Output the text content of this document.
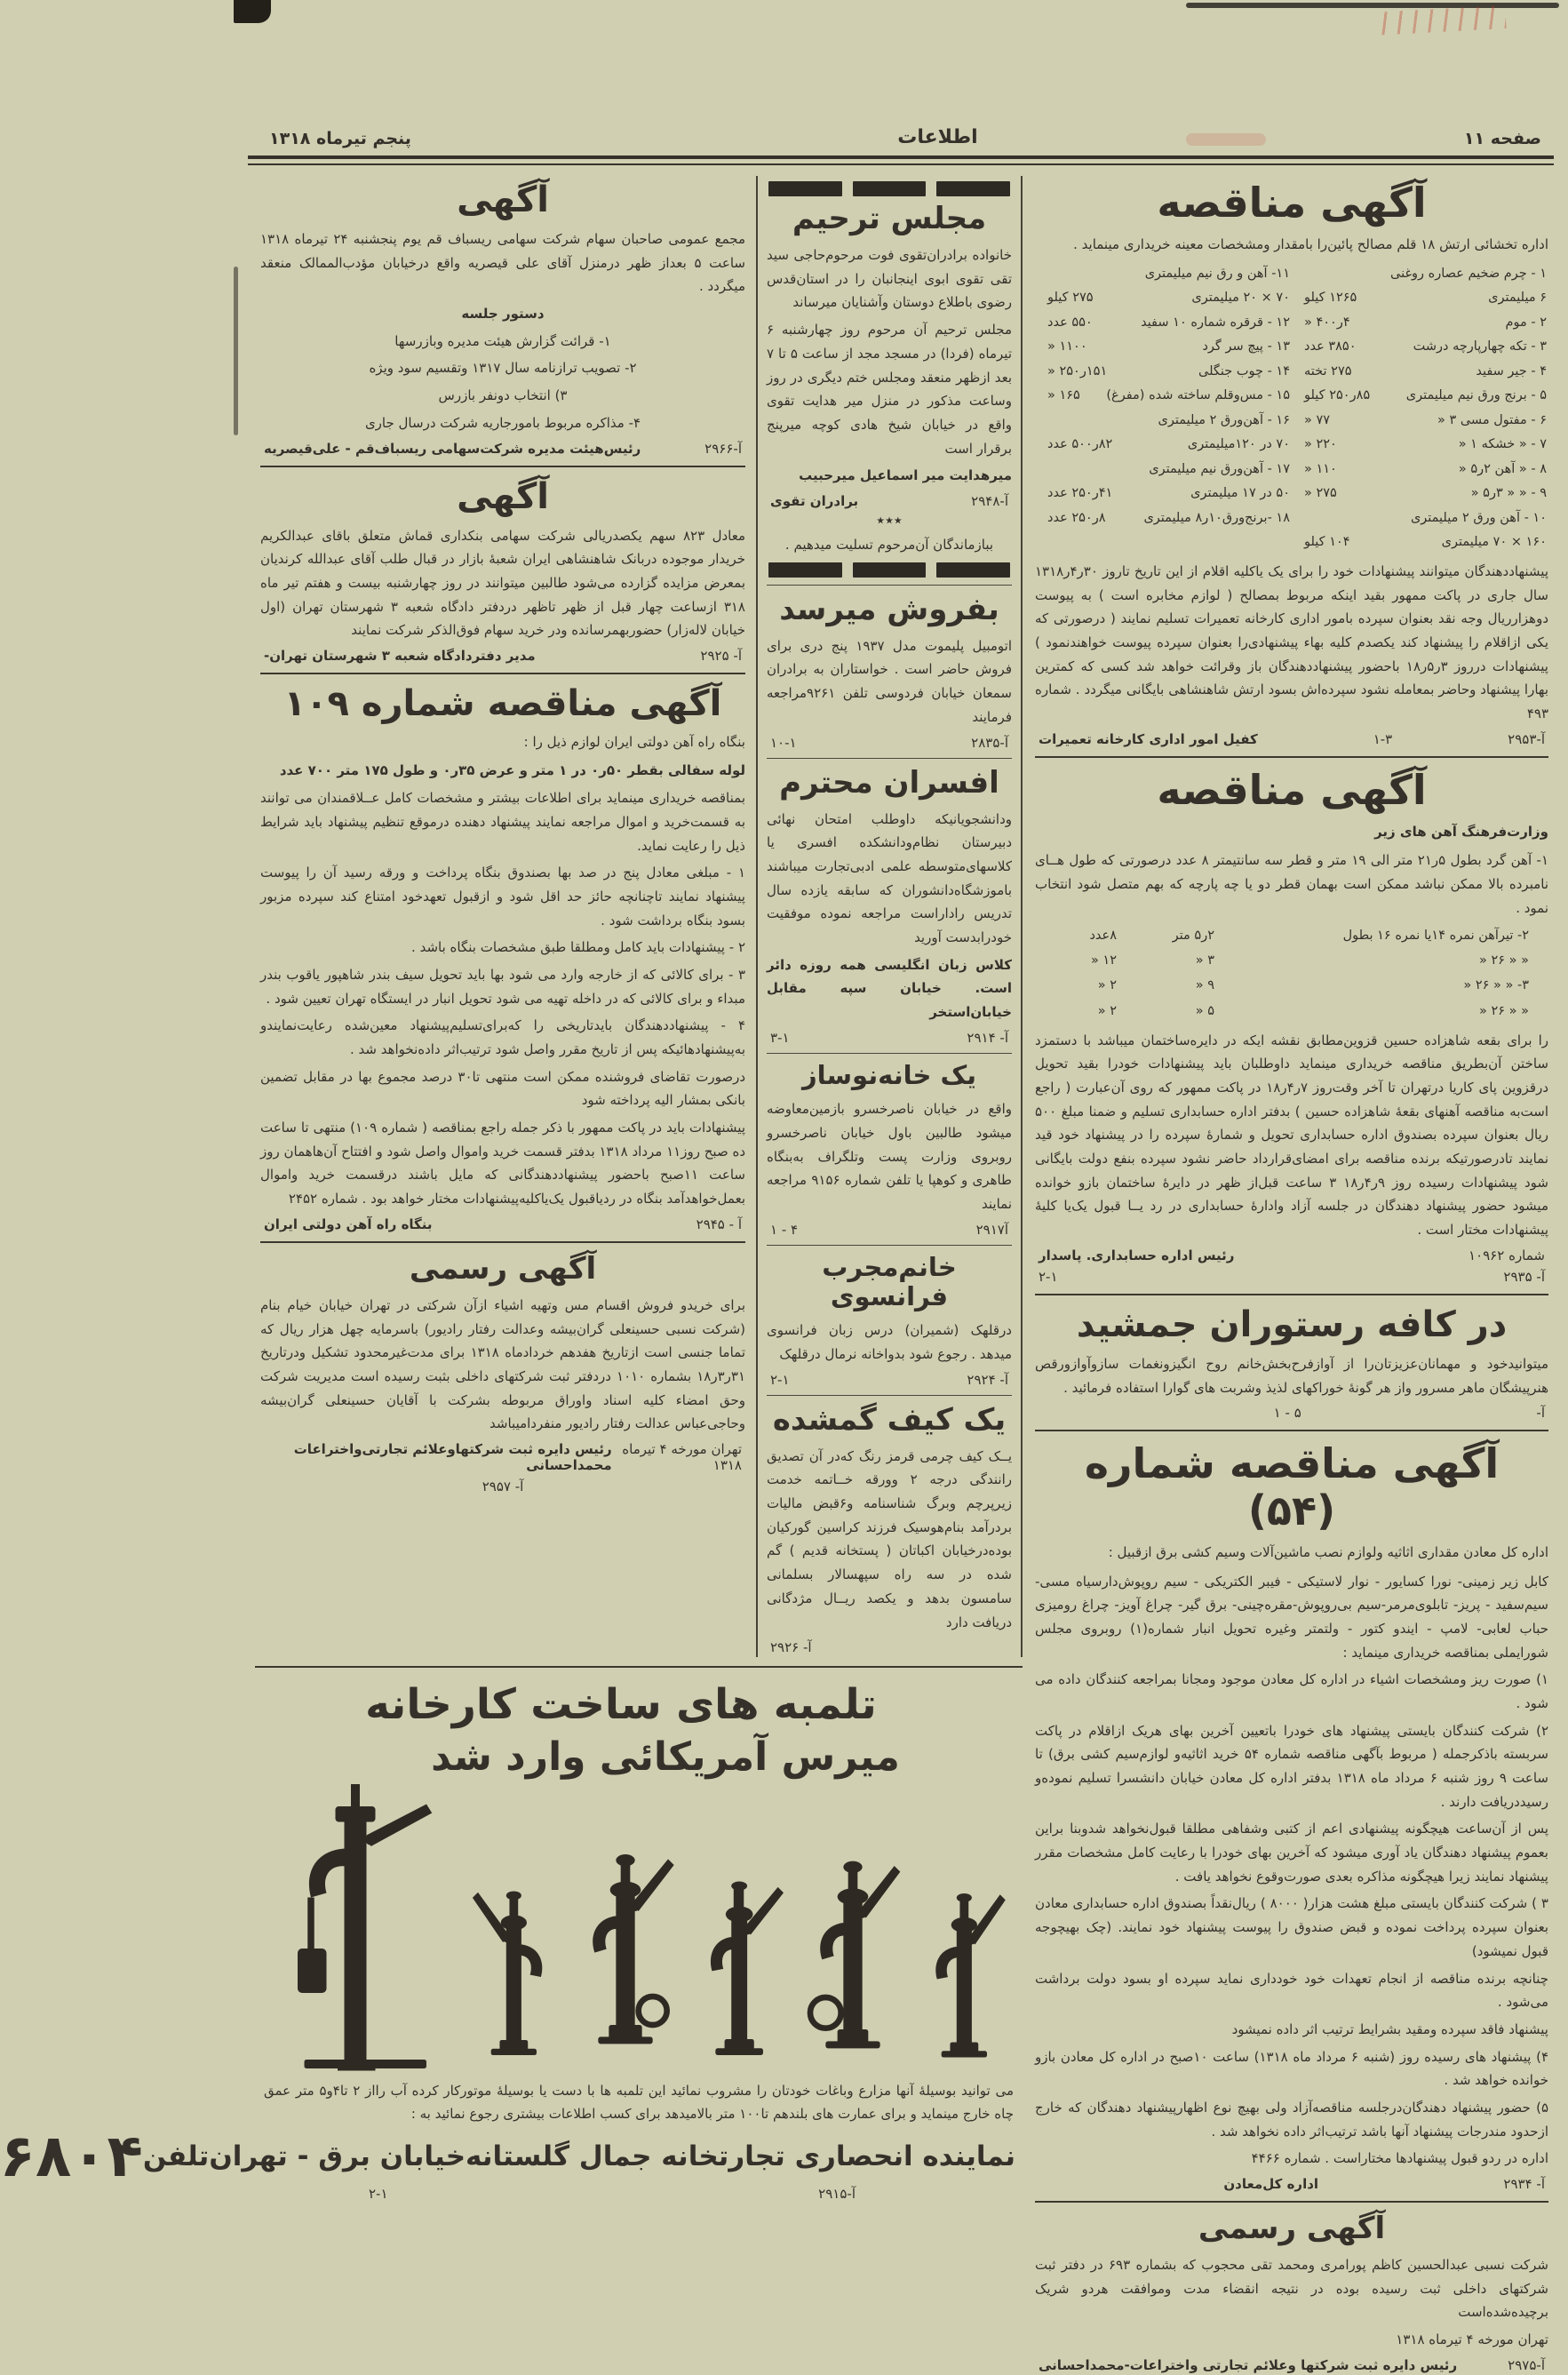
صفحه ۱۱
اطلاعات
پنجم تیرماه ۱۳۱۸
آگهی مناقصه

اداره تخشائی ارتش ۱۸ قلم مصالح پائین‌را بامقدار ومشخصات معینه خریداری مینماید .

۱ - چرم ضخیم عصاره روغنی
۱۱- آهن و رق نیم میلیمتری
۶ میلیمتری
۱۲۶۵ کیلو
۷۰ × ۲۰ میلیمتری
۲۷۵ کیلو
۲ - موم
۴ر۴۰۰ «
۱۲ - قرقره شماره ۱۰ سفید
۵۵۰ عدد
۳ - تکه چهارپارچه درشت
۳۸۵۰ عدد
۱۳ - پیچ سر گرد
۱۱۰۰ «
۴ - جیر سفید
۲۷۵ تخته
۱۴ - چوب جنگلی
۱۵۱ر۲۵۰ «
۵ - برنج ورق نیم میلیمتری
۸۵ر۲۵۰ کیلو
۱۵ - مس‌وقلم ساخته شده (مفرغ)
۱۶۵ «
۶ - مفتول مسی ۳ «
۷۷ «
۱۶ - آهن‌ورق ۲ میلیمتری
۷ - « خشکه ۱ «
۲۲۰ «
۷۰ در ۱۲۰میلیمتری
۸۲ر۵۰۰ عدد
۸ - « آهن ۲ر۵ «
۱۱۰ «
۱۷ - آهن‌ورق نیم میلیمتری
۹ - « « ۳ر۵ «
۲۷۵ «
۵۰ در ۱۷ میلیمتری
۴۱ر۲۵۰ عدد
۱۰ - آهن ورق ۲ میلیمتری
۱۸ -برنج‌ورق۱۰ر۸ میلیمتری
۸ر۲۵۰ عدد
۱۶۰ × ۷۰ میلیمتری
۱۰۴ کیلو

پیشنهاددهندگان میتوانند پیشنهادات خود را برای یک یاکلیه اقلام از این تاریخ تاروز ۳۰ر۴ر۱۳۱۸ سال جاری در پاکت ممهور بقید اینکه مربوط بمصالح ( لوازم مخابره است ) به پیوست دوهزارریال وجه نقد بعنوان سپرده بامور اداری کارخانه تعمیرات تسلیم نمایند ( درصورتی که یکی ازاقلام را پیشنهاد کند یکصدم کلیه بهاء پیشنهادی‌را بعنوان سپرده پیوست خواهندنمود ) پیشنهادات درروز ۳ر۵ر۱۸ باحضور پیشنهاددهندگان باز وقرائت خواهد شد کسی که کمترین بهارا پیشنهاد وحاضر بمعامله نشود سپرده‌اش بسود ارتش شاهنشاهی بایگانی میگردد . شماره ۴۹۳

آ-۲۹۵۳
۱-۳
کفیل امور اداری کارخانه تعمیرات
آگهی مناقصه

وزارت‌فرهنگ آهن های زیر

۱- آهن گرد بطول ۵ر۲۱ متر الی ۱۹ متر و قطر سه سانتیمتر ۸ عدد درصورتی که طول هــای نامبرده بالا ممکن نباشد ممکن است بهمان قطر دو یا چه پارچه که بهم متصل شود انتخاب نمود .

۲- تیرآهن نمره ۱۴یا نمره ۱۶ بطول
۲ر۵ متر
۸عدد
« « ۲۶ «
۳ «
۱۲ «
۳- « « ۲۶ «
۹ «
۲ «
« « ۲۶ «
۵ «
۲ «

را برای بقعه شاهزاده حسین قزوین‌مطابق نقشه ایکه در دایره‌ساختمان میباشد با دستمزد ساختن آن‌بطریق مناقصه خریداری مینماید داوطلبان باید پیشنهادات خودرا بقید تحویل درقزوین پای کاریا درتهران تا آخر وقت‌روز ۷ر۴ر۱۸ در پاکت ممهور که روی آن‌عبارت ( راجع است‌به مناقصه آهنهای بقعهٔ شاهزاده حسین ) بدفتر اداره حسابداری تسلیم و ضمنا مبلغ ۵۰۰ ریال بعنوان سپرده بصندوق اداره حسابداری تحویل و شمارهٔ سپرده را در پیشنهاد خود قید نمایند تادرصورتیکه برنده مناقصه برای امضای‌قرارداد حاضر نشود سپرده بنفع دولت بایگانی شود پیشنهادات رسیده روز ۹ر۴ر۱۸ ۳ ساعت قبل‌از ظهر در دایرهٔ ساختمان بازو خوانده میشود حضور پیشنهاد دهندگان در جلسه آزاد وادارهٔ حسابداری در رد یــا قبول یک‌یا کلیهٔ پیشنهادات مختار است .

شماره ۱۰۹۶۲
رئیس اداره حسابداری. پاسدار
آ- ۲۹۳۵
۲-۱
در کافه رستوران جمشید

میتوانیدخود و مهمانان‌عزیزتان‌را از آوازفرح‌بخش‌خانم روح انگیزونغمات سازوآوازورقص هنرپیشگان ماهر مسرور واز هر گونهٔ خوراکهای لذیذ وشربت های گوارا استفاده فرمائید .

آ-
۵ - ۱
آگهی مناقصه شماره (۵۴)

اداره کل معادن مقداری اثاثیه ولوازم نصب ماشین‌آلات وسیم کشی برق ازقبیل :

کابل زیر زمینی- نورا کسایور - نوار لاستیکی - فیبر الکتریکی - سیم روپوش‌دارسیاه مسی-سیم‌سفید - پریز- تابلوی‌مرمر-سیم بی‌روپوش-مقره‌چینی- برق گیر- چراغ آویز- چراغ رومیزی حباب لعابی- لامپ - ایندو کتور - ولتمتر وغیره تحویل انبار شماره(۱) روبروی مجلس شورایملی بمناقصه خریداری مینماید :

۱) صورت ریز ومشخصات اشیاء در اداره کل معادن موجود ومجانا بمراجعه کنندگان داده می شود .

۲) شرکت کنندگان بایستی پیشنهاد های خودرا باتعیین آخرین بهای هریک ازاقلام در پاکت سربسته باذکرجمله ( مربوط بآگهی مناقصه شماره ۵۴ خرید اثاثیه‌و لوازم‌سیم کشی برق) تا ساعت ۹ روز شنبه ۶ مرداد ماه ۱۳۱۸ بدفتر اداره کل معادن خیابان دانشسرا تسلیم نموده‌و رسیددریافت دارند .

پس از آن‌ساعت هیچگونه پیشنهادی اعم از کتبی وشفاهی مطلقا قبول‌نخواهد شدوبنا براین بعموم پیشنهاد دهندگان یاد آوری میشود که آخرین بهای خودرا با رعایت کامل مشخصات مقرر پیشنهاد نمایند زیرا هیچگونه مذاکره بعدی صورت‌وقوع نخواهد یافت .

۳ ) شرکت کنندگان بایستی مبلغ هشت هزار( ۸۰۰۰ ) ریال‌نقداً بصندوق اداره حسابداری معادن بعنوان سپرده پرداخت نموده و قبض صندوق را پیوست پیشنهاد خود نمایند. (چک بهیچوجه قبول نمیشود)

چنانچه برنده مناقصه از انجام تعهدات خود خودداری نماید سپرده او بسود دولت برداشت می‌شود .

پیشنهاد فاقد سپرده ومقید بشرایط ترتیب اثر داده نمیشود

۴) پیشنهاد های رسیده روز (شنبه ۶ مرداد ماه ۱۳۱۸) ساعت ۱۰صبح در اداره کل معادن بازو خوانده خواهد شد .

۵) حضور پیشنهاد دهندگان‌درجلسه مناقصه‌آزاد ولی بهیچ نوع اظهارپیشنهاد دهندگان که خارج ازحدود مندرجات پیشنهاد آنها باشد ترتیب‌اثر داده نخواهد شد .

اداره در ردو قبول پیشنهادها مختاراست . شماره ۴۴۶۶

آ- ۲۹۳۴
اداره کل‌معادن
آگهی رسمی

شرکت نسبی عبدالحسین کاظم پورامری ومحمد تقی محجوب که بشماره ۶۹۳ در دفتر ثبت شرکتهای داخلی ثبت رسیده بوده در نتیجه انقضاء مدت وموافقت هردو شریک برچیده‌شده‌است

تهران مورخه ۴ تیرماه ۱۳۱۸

آ-۲۹۷۵
رئیس دایره ثبت شرکتها وعلائم تجارتی واختراعات-محمداحسانی
مجلس ترحیم

خانواده برادران‌تقوی فوت مرحوم‌حاجی سید تقی تقوی ابوی اینجانبان را در استان‌قدس رضوی باطلاع دوستان وآشنایان میرساند

مجلس ترحیم آن مرحوم روز چهارشنبه ۶ تیرماه (فردا) در مسجد مجد از ساعت ۵ تا ۷ بعد ازظهر منعقد ومجلس ختم دیگری در روز وساعت مذکور در منزل میر هدایت تقوی واقع در خیابان شیخ هادی کوچه میرپنج برقرار است

میرهدایت میر اسماعیل میرحبیب

آ-۲۹۴۸
برادران تقوی
٭٭٭

ببازماندگان آن‌مرحوم تسلیت میدهیم .

بفروش میرسد

اتومبیل پلیموت مدل ۱۹۳۷ پنج دری برای فروش حاضر است . خواستاران به برادران سمعان خیابان فردوسی تلفن ۹۲۶۱مراجعه فرمایند

آ-۲۸۳۵
۱۰-۱
افسران محترم

ودانشجویانیکه داوطلب امتحان نهائی دبیرستان نظام‌ودانشکده افسری یا کلاسهای‌متوسطه علمی ادبی‌تجارت میباشند باموزشگاه‌دانشوران که سابقه یازده سال تدریس راداراست مراجعه نموده موفقیت خودرابدست آورید

کلاس زبان انگلیسی همه روزه دائر است. خیابان سپه مقابل خیابان‌استخر

آ- ۲۹۱۴
۳-۱
یک خانه‌نوساز

واقع در خیابان ناصرخسرو بازمین‌معاوضه میشود طالبین باول خیابان ناصرخسرو روبروی وزارت پست وتلگراف به‌بنگاه طاهری و کوهپا یا تلفن شماره ۹۱۵۶ مراجعه نمایند

آ۲۹۱۷
۴ - ۱
خانم‌مجرب فرانسوی

درقلهک (شمیران) درس زبان فرانسوی میدهد . رجوع شود بدواخانه نرمال درقلهک

آ- ۲۹۲۴
۲-۱
یک کیف گمشده

یــک کیف چرمی قرمز رنگ که‌در آن تصدیق رانندگی درجه ۲ وورقه خــاتمه خدمت زیرپرچم وبرگ شناسنامه و۶قبض مالیات بردرآمد بنام‌هوسیک فرزند کراسین گورکیان بوده‌درخیابان اکباتان ( پستخانه قدیم ) گم شده در سه راه سپهسالار بسلمانی سامسون بدهد و یکصد ریــال مژدگانی دریافت دارد

آ- ۲۹۲۶
آگهی

مجمع عمومی صاحبان سهام شرکت سهامی ریسباف قم یوم پنجشنبه ۲۴ تیرماه ۱۳۱۸ ساعت ۵ بعداز ظهر درمنزل آقای علی قیصریه واقع درخیابان مؤدب‌الممالک منعقد میگردد .

دستور جلسه

۱- قرائت گزارش هیئت مدیره وبازرسها

۲- تصویب ترازنامه سال ۱۳۱۷ وتقسیم سود ویژه

۳) انتخاب دونفر بازرس

۴- مذاکره مربوط بامورجاریه شرکت درسال جاری

آ-۲۹۶۶
رئیس‌هیئت مدیره شرکت‌سهامی ریسباف‌قم - علی‌قیصریه
آگهی

معادل ۸۲۳ سهم یکصدریالی شرکت سهامی بنکداری قماش متعلق باقای عبدالکریم خریدار موجوده دربانک شاهنشاهی ایران شعبهٔ بازار در قبال طلب آقای عبدالله کرندیان بمعرض مزایده گزارده می‌شود طالبین میتوانند در روز چهارشنبه بیست و هفتم تیر ماه ۳۱۸ ازساعت چهار قبل از ظهر تاظهر دردفتر دادگاه شعبه ۳ شهرستان تهران (اول خیابان لاله‌زار) حضوربهمرسانده ودر خرید سهام فوق‌الذکر شرکت نمایند

آ- ۲۹۲۵
مدیر دفتردادگاه شعبه ۳ شهرستان تهران-
آگهی مناقصه شماره ۱۰۹

بنگاه راه آهن دولتی ایران لوازم ذیل را :

لوله سفالی بقطر ۵۰ر۰ در ۱ متر و عرض ۳۵ر۰ و طول ۱۷۵ متر ۷۰۰ عدد

بمناقصه خریداری مینماید برای اطلاعات بیشتر و مشخصات کامل عــلاقمندان می توانند به قسمت‌خرید و اموال مراجعه نمایند پیشنهاد دهنده درموقع تنظیم پیشنهاد باید شرایط ذیل را رعایت نماید.

۱ - مبلغی معادل پنج در صد بها بصندوق بنگاه پرداخت و ورقه رسید آن را پیوست پیشنهاد نمایند تاچنانچه حائز حد اقل شود و ازقبول تعهدخود امتناع کند سپرده مزبور بسود بنگاه برداشت شود .

۲ - پیشنهادات باید کامل ومطلقا طبق مشخصات بنگاه باشد .

۳ - برای کالائی که از خارجه وارد می شود بها باید تحویل سیف بندر شاهپور یاقوب بندر مبداء و برای کالائی که در داخله تهیه می شود تحویل انبار در ایستگاه تهران تعیین شود .

۴ - پیشنهاددهندگان بایدتاریخی را که‌برای‌تسلیم‌پیشنهاد معین‌شده رعایت‌نمایندو به‌پیشنهادهائیکه پس از تاریخ مقرر واصل شود ترتیب‌اثر داده‌نخواهد شد .

درصورت تقاضای فروشنده ممکن است منتهی تا۳۰ درصد مجموع بها در مقابل تضمین بانکی بمشار الیه پرداخته شود

پیشنهادات باید در پاکت ممهور با ذکر جمله راجع بمناقصه ( شماره ۱۰۹) منتهی تا ساعت ده صبح روز۱۱ مرداد ۱۳۱۸ بدفتر قسمت خرید واموال واصل شود و افتتاح آن‌هاهمان روز ساعت ۱۱صبح باحضور پیشنهاددهندگانی که مایل باشند درقسمت خرید واموال بعمل‌خواهدآمد بنگاه در ردیاقبول یک‌یاکلیه‌پیشنهادات مختار خواهد بود . شماره ۲۴۵۲

آ - ۲۹۴۵
بنگاه راه آهن دولتی ایران
آگهی رسمی

برای خریدو فروش اقسام مس وتهیه اشیاء ازآن شرکتی در تهران خیابان خیام بنام (شرکت نسبی حسینعلی گران‌بیشه وعدالت رفتار رادیور) باسرمایه چهل هزار ریال که تماما جنسی است ازتاریخ هفدهم خردادماه ۱۳۱۸ برای مدت‌غیرمحدود تشکیل ودرتاریخ ۳۱ر۳ر۱۸ بشماره ۱۰۱۰ دردفتر ثبت شرکتهای داخلی بثبت رسیده است مدیریت شرکت وحق امضاء کلیه اسناد واوراق مربوطه بشرکت با آقایان حسینعلی گران‌بیشه وحاجی‌عباس عدالت رفتار رادیور منفردامیباشد

تهران مورخه ۴ تیرماه ۱۳۱۸
رئیس دایره ثبت شرکتهاوعلائم تجارتی‌واختراعات محمداحسانی
آ- ۲۹۵۷
تلمبه های ساخت کارخانه
میرس آمریکائی وارد شد

می توانید بوسیلهٔ آنها مزارع وباغات خودتان را مشروب نمائید این تلمبه ها با دست یا بوسیلهٔ موتورکار کرده آب رااز ۲ تا۴و۵ متر عمق چاه خارج مینماید و برای عمارت های بلندهم تا۱۰۰ متر بالامیدهد برای کسب اطلاعات بیشتری رجوع نمائید به :

نماینده انحصاری تجارتخانه جمال گلستانه‌خیابان برق - تهران‌تلفن
۶۸۰۴
آ-۲۹۱۵
۲-۱
